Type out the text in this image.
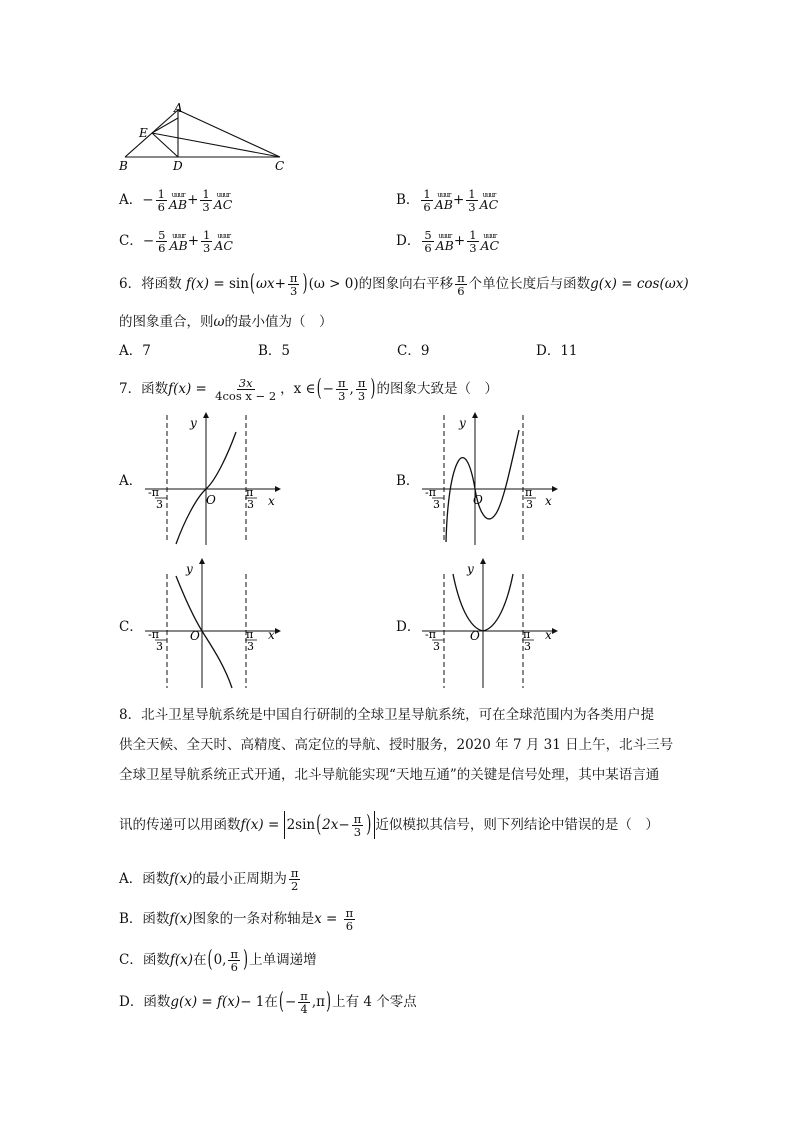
A
E
B	D	C
A．− $\frac{1}{6}$ uuur
AB + $\frac{1}{3}$ uuur
AC	B． $\frac{1}{6}$ uuur
AB + $\frac{1}{3}$ uuur
AC
C．− $\frac{5}{6}$ uuur
AB + $\frac{1}{3}$ uuur
AC	D． $\frac{5}{6}$ uuur
AB + $\frac{1}{3}$ uuur
AC
6．将函数 $f(x) = \sin(\omega x+ \frac{\pi}{3} )(\omega > 0)$的图象向右平移 $\frac{\pi}{6}$ 个单位长度后与函数g(x) = cos(ωx)
的图象重合，则ω的最小值为（　）
A．7	B．5	C．9	D．11
7．函数$f(x) = \frac{3x}{\text{4cos x − 2}}$ ，x ∈(− $\frac{\pi}{3}$ , $\frac{\pi}{3}$ )的图象大致是（　）
A．	B．
C．	D．
y
x
O
-π
3
π
3
y
x
O
-π
3
π
3
y
x
O
-π
3
π
3
y
x
O
-π
3
π
3
8．北斗卫星导航系统是中国自行研制的全球卫星导航系统，可在全球范围内为各类用户提
供全天候、全天时、高精度、高定位的导航、授时服务，2020 年 7 月 31 日上午，北斗三号
全球卫星导航系统正式开通，北斗导航能实现“天地互通”的关键是信号处理，其中某语言通
讯的传递可以用函数$f(x) = 2\sin(2x- \frac{\pi}{3}$ ) 近似模拟其信号，则下列结论中错误的是（　）
A．函数f(x)的最小正周期为 $\frac{\pi}{2}$
B．函数f(x)图象的一条对称轴是$x = \frac{\pi}{6}$
C．函数f(x)在(0, $\frac{\pi}{6}$ )上单调递增
D．函数g(x) = f(x)− 1在(− $\frac{\pi}{4} ,\pi$)上有 4 个零点
